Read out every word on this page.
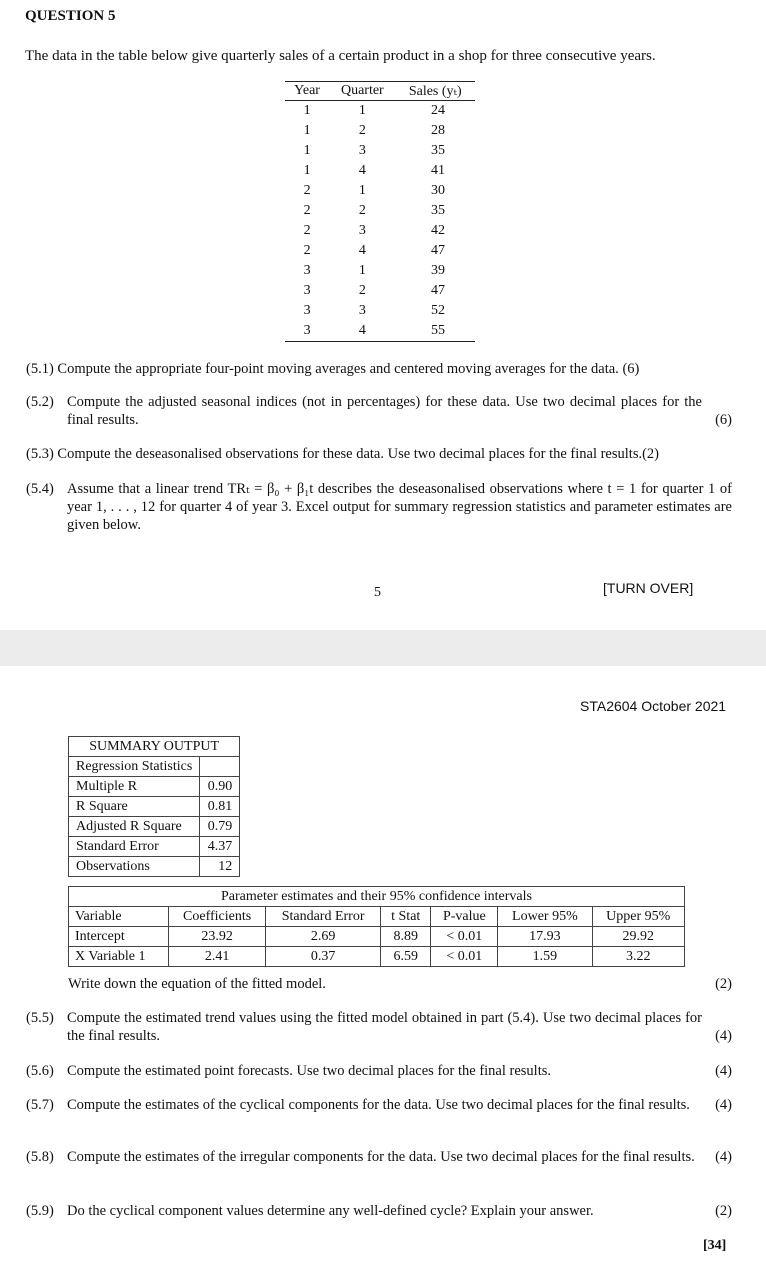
QUESTION 5
The data in the table below give quarterly sales of a certain product in a shop for three consecutive years.
Year	Quarter	Sales (yₜ)
1	1	24
1	2	28
1	3	35
1	4	41
2	1	30
2	2	35
2	3	42
2	4	47
3	1	39
3	2	47
3	3	52
3	4	55
(5.1) Compute the appropriate four-point moving averages and centered moving averages for the data. (6)
(5.2) Compute the adjusted seasonal indices (not in percentages) for these data. Use two decimal places for the final results.	(6)
(5.3) Compute the deseasonalised observations for these data. Use two decimal places for the final results.(2)
(5.4) Assume that a linear trend TRₜ = β₀ + β₁t describes the deseasonalised observations where t = 1 for quarter 1 of year 1, . . . , 12 for quarter 4 of year 3. Excel output for summary regression statistics and parameter estimates are given below.
5	[TURN OVER]
STA2604 October 2021
SUMMARY OUTPUT	
Regression Statistics	
Multiple R	0.90
R Square	0.81
Adjusted R Square	0.79
Standard Error	4.37
Observations	12
Parameter estimates and their 95% confidence intervals						
Variable	Coefficients	Standard Error	t Stat	P-value	Lower 95%	Upper 95%
Intercept	23.92	2.69	8.89	< 0.01	17.93	29.92
X Variable 1	2.41	0.37	6.59	< 0.01	1.59	3.22
Write down the equation of the fitted model.	(2)
(5.5) Compute the estimated trend values using the fitted model obtained in part (5.4). Use two decimal places for the final results.	(4)
(5.6) Compute the estimated point forecasts. Use two decimal places for the final results.	(4)
(5.7) Compute the estimates of the cyclical components for the data. Use two decimal places for the final results.	(4)
(5.8) Compute the estimates of the irregular components for the data. Use two decimal places for the final results.	(4)
(5.9) Do the cyclical component values determine any well-defined cycle? Explain your answer.	(2)
[34]
